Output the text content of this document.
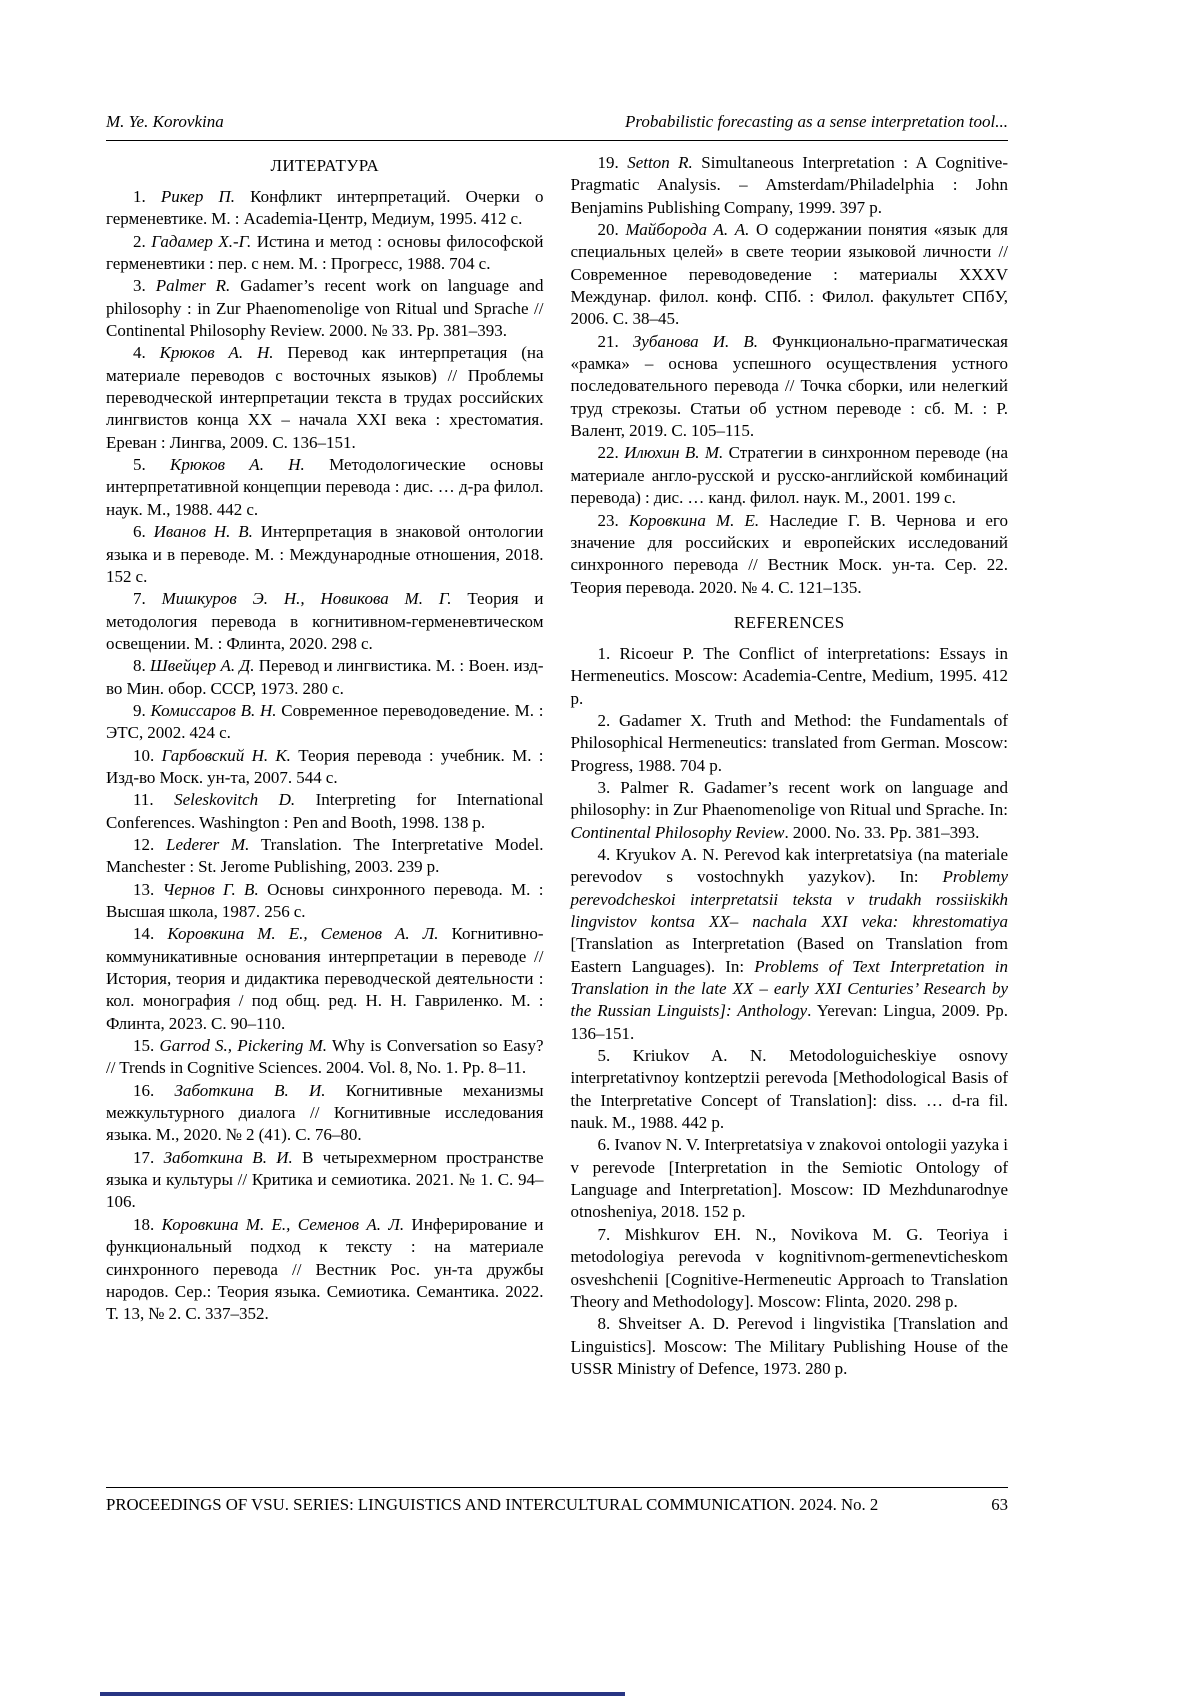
M. Ye. Korovkina	Probabilistic forecasting as a sense interpretation tool...
ЛИТЕРАТУРА

1. Рикер П. Конфликт интерпретаций. Очерки о герменевтике. М. : Academia-Центр, Медиум, 1995. 412 с.

2. Гадамер Х.-Г. Истина и метод : основы философской герменевтики : пер. с нем. М. : Прогресс, 1988. 704 с.

3. Palmer R. Gadamer’s recent work on language and philosophy : in Zur Phaenomenolige von Ritual und Sprache // Continental Philosophy Review. 2000. № 33. Pp. 381–393.

4. Крюков А. Н. Перевод как интерпретация (на материале переводов с восточных языков) // Проблемы переводческой интерпретации текста в трудах российских лингвистов конца XX – начала XXI века : хрестоматия. Ереван : Лингва, 2009. С. 136–151.

5. Крюков А. Н. Методологические основы интерпретативной концепции перевода : дис. … д-ра филол. наук. М., 1988. 442 с.

6. Иванов Н. В. Интерпретация в знаковой онтологии языка и в переводе. М. : Международные отношения, 2018. 152 с.

7. Мишкуров Э. Н., Новикова М. Г. Теория и методология перевода в когнитивном-герменевтическом освещении. М. : Флинта, 2020. 298 с.

8. Швейцер А. Д. Перевод и лингвистика. М. : Воен. изд-во Мин. обор. СССР, 1973. 280 с.

9. Комиссаров В. Н. Современное переводоведение. М. : ЭТС, 2002. 424 с.

10. Гарбовский Н. К. Теория перевода : учебник. М. : Изд-во Моск. ун-та, 2007. 544 с.

11. Seleskovitch D. Interpreting for International Conferences. Washington : Pen and Booth, 1998. 138 p.

12. Lederer M. Translation. The Interpretative Model. Manchester : St. Jerome Publishing, 2003. 239 p.

13. Чернов Г. В. Основы синхронного перевода. М. : Высшая школа, 1987. 256 с.

14. Коровкина М. Е., Семенов А. Л. Когнитивно-коммуникативные основания интерпретации в переводе // История, теория и дидактика переводческой деятельности : кол. монография / под общ. ред. Н. Н. Гавриленко. М. : Флинта, 2023. С. 90–110.

15. Garrod S., Pickering M. Why is Conversation so Easy? // Trends in Cognitive Sciences. 2004. Vol. 8, No. 1. Pp. 8–11.

16. Заботкина В. И. Когнитивные механизмы межкультурного диалога // Когнитивные исследования языка. М., 2020. № 2 (41). С. 76–80.

17. Заботкина В. И. В четырехмерном пространстве языка и культуры // Критика и семиотика. 2021. № 1. С. 94–106.

18. Коровкина М. Е., Семенов А. Л. Инферирование и функциональный подход к тексту : на материале синхронного перевода // Вестник Рос. ун-та дружбы народов. Сер.: Теория языка. Семиотика. Семантика. 2022. Т. 13, № 2. С. 337–352.

19. Setton R. Simultaneous Interpretation : A Cognitive-Pragmatic Analysis. – Amsterdam/Philadelphia : John Benjamins Publishing Company, 1999. 397 p.

20. Майборода А. А. О содержании понятия «язык для специальных целей» в свете теории языковой личности // Современное переводоведение : материалы XXXV Междунар. филол. конф. СПб. : Филол. факультет СПбУ, 2006. С. 38–45.

21. Зубанова И. В. Функционально-прагматическая «рамка» – основа успешного осуществления устного последовательного перевода // Точка сборки, или нелегкий труд стрекозы. Статьи об устном переводе : сб. М. : Р. Валент, 2019. С. 105–115.

22. Илюхин В. М. Стратегии в синхронном переводе (на материале англо-русской и русско-английской комбинаций перевода) : дис. … канд. филол. наук. М., 2001. 199 с.

23. Коровкина М. Е. Наследие Г. В. Чернова и его значение для российских и европейских исследований синхронного перевода // Вестник Моск. ун-та. Сер. 22. Теория перевода. 2020. № 4. С. 121–135.

REFERENCES

1. Ricoeur P. The Conflict of interpretations: Essays in Hermeneutics. Moscow: Academia-Centre, Medium, 1995. 412 p.

2. Gadamer X. Truth and Method: the Fundamentals of Philosophical Hermeneutics: translated from German. Moscow: Progress, 1988. 704 p.

3. Palmer R. Gadamer’s recent work on language and philosophy: in Zur Phaenomenolige von Ritual und Sprache. In: Continental Philosophy Review. 2000. No. 33. Pp. 381–393.

4. Kryukov A. N. Perevod kak interpretatsiya (na materiale perevodov s vostochnykh yazykov). In: Problemy perevodcheskoi interpretatsii teksta v trudakh rossiiskikh lingvistov kontsa XX– nachala XXI veka: khrestomatiya [Translation as Interpretation (Based on Translation from Eastern Languages). In: Problems of Text Interpretation in Translation in the late XX – early XXI Centuries’ Research by the Russian Linguists]: Anthology. Yerevan: Lingua, 2009. Pp. 136–151.

5. Kriukov A. N. Metodologuicheskiye osnovy interpretativnoy kontzeptzii perevoda [Methodological Basis of the Interpretative Concept of Translation]: diss. … d-ra fil. nauk. M., 1988. 442 p.

6. Ivanov N. V. Interpretatsiya v znakovoi ontologii yazyka i v perevode [Interpretation in the Semiotic Ontology of Language and Interpretation]. Moscow: ID Mezhdunarodnye otnosheniya, 2018. 152 p.

7. Mishkurov EH. N., Novikova M. G. Teoriya i metodologiya perevoda v kognitivnom-germenevticheskom osveshchenii [Cognitive-Hermeneutic Approach to Translation Theory and Methodology]. Moscow: Flinta, 2020. 298 p.

8. Shveitser A. D. Perevod i lingvistika [Translation and Linguistics]. Moscow: The Military Publishing House of the USSR Ministry of Defence, 1973. 280 p.

PROCEEDINGS OF VSU. SERIES: LINGUISTICS AND INTERCULTURAL COMMUNICATION. 2024. No. 2	63
